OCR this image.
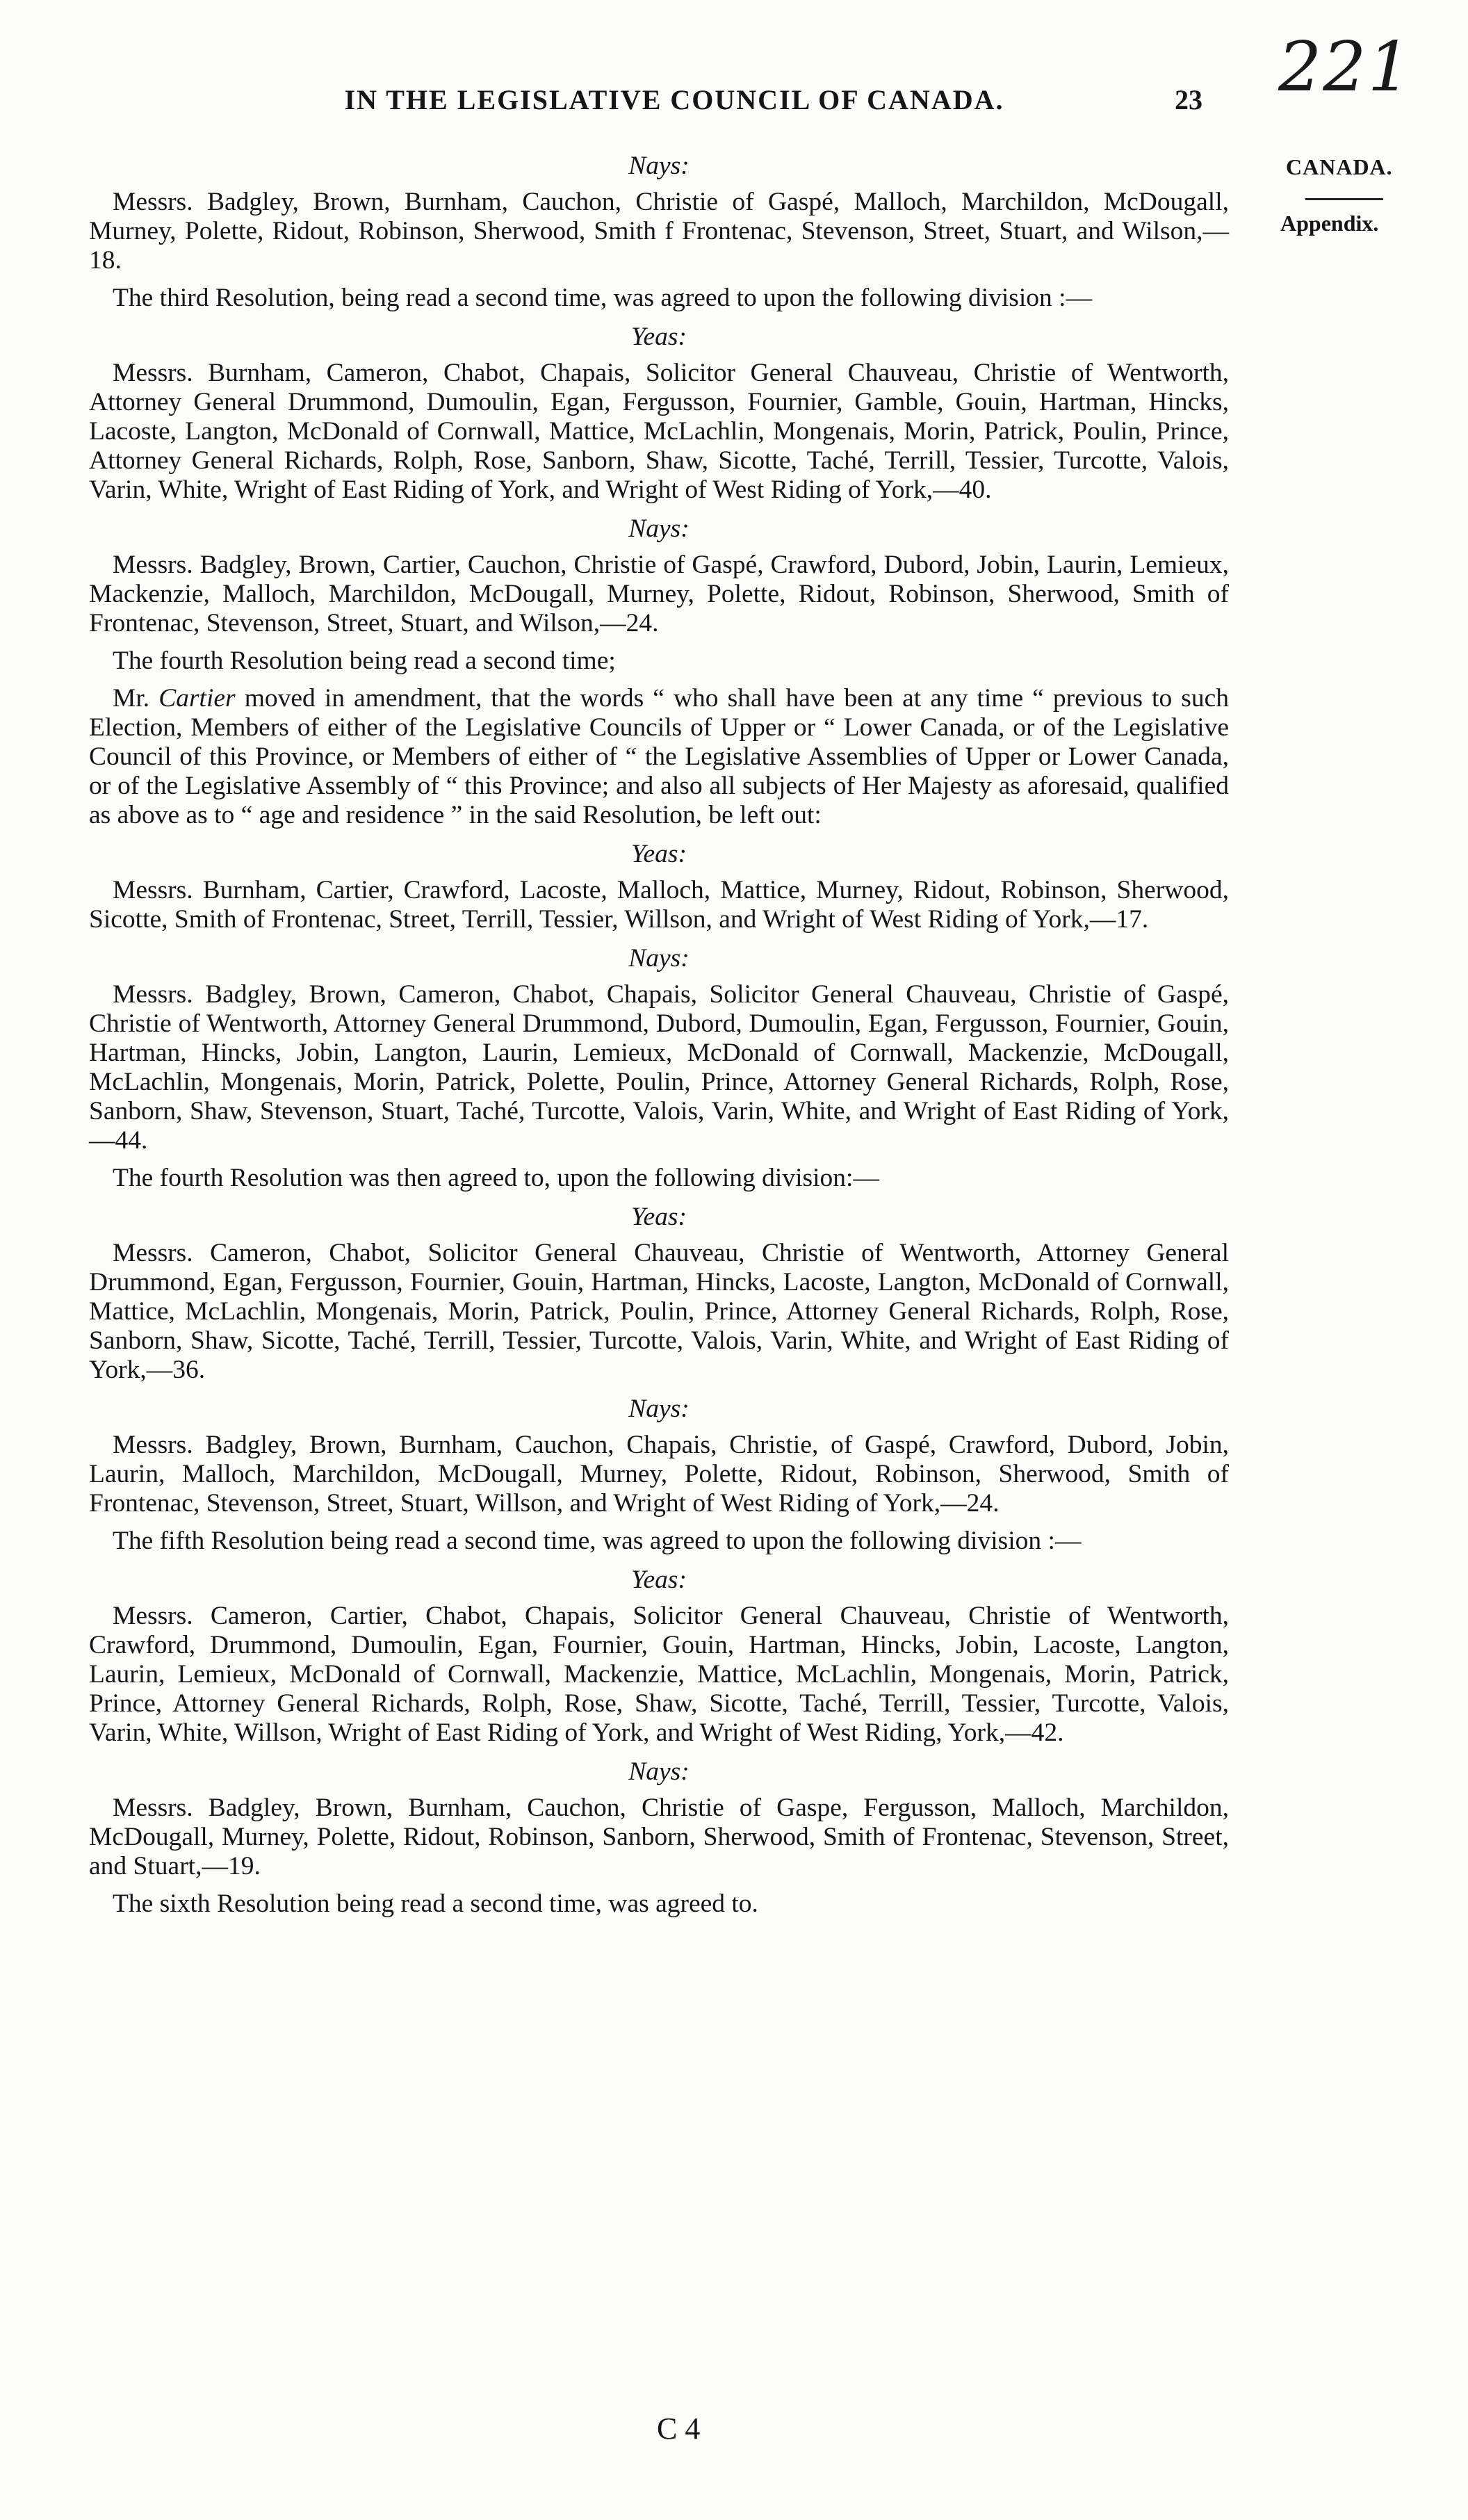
221
IN THE LEGISLATIVE COUNCIL OF CANADA.	23
CANADA.
Appendix.
Nays:
Messrs. Badgley, Brown, Burnham, Cauchon, Christie of Gaspé, Malloch, Marchildon, McDougall, Murney, Polette, Ridout, Robinson, Sherwood, Smith f Frontenac, Stevenson, Street, Stuart, and Wilson,—18.
The third Resolution, being read a second time, was agreed to upon the following division :—
Yeas:
Messrs. Burnham, Cameron, Chabot, Chapais, Solicitor General Chauveau, Christie of Wentworth, Attorney General Drummond, Dumoulin, Egan, Fergusson, Fournier, Gamble, Gouin, Hartman, Hincks, Lacoste, Langton, McDonald of Cornwall, Mattice, McLachlin, Mongenais, Morin, Patrick, Poulin, Prince, Attorney General Richards, Rolph, Rose, Sanborn, Shaw, Sicotte, Taché, Terrill, Tessier, Turcotte, Valois, Varin, White, Wright of East Riding of York, and Wright of West Riding of York,—40.
Nays:
Messrs. Badgley, Brown, Cartier, Cauchon, Christie of Gaspé, Crawford, Dubord, Jobin, Laurin, Lemieux, Mackenzie, Malloch, Marchildon, McDougall, Murney, Polette, Ridout, Robinson, Sherwood, Smith of Frontenac, Stevenson, Street, Stuart, and Wilson,—24.
The fourth Resolution being read a second time;
Mr. Cartier moved in amendment, that the words “ who shall have been at any time “ previous to such Election, Members of either of the Legislative Councils of Upper or “ Lower Canada, or of the Legislative Council of this Province, or Members of either of “ the Legislative Assemblies of Upper or Lower Canada, or of the Legislative Assembly of “ this Province; and also all subjects of Her Majesty as aforesaid, qualified as above as to “ age and residence ” in the said Resolution, be left out:
Yeas:
Messrs. Burnham, Cartier, Crawford, Lacoste, Malloch, Mattice, Murney, Ridout, Robinson, Sherwood, Sicotte, Smith of Frontenac, Street, Terrill, Tessier, Willson, and Wright of West Riding of York,—17.
Nays:
Messrs. Badgley, Brown, Cameron, Chabot, Chapais, Solicitor General Chauveau, Christie of Gaspé, Christie of Wentworth, Attorney General Drummond, Dubord, Dumoulin, Egan, Fergusson, Fournier, Gouin, Hartman, Hincks, Jobin, Langton, Laurin, Lemieux, McDonald of Cornwall, Mackenzie, McDougall, McLachlin, Mongenais, Morin, Patrick, Polette, Poulin, Prince, Attorney General Richards, Rolph, Rose, Sanborn, Shaw, Stevenson, Stuart, Taché, Turcotte, Valois, Varin, White, and Wright of East Riding of York,—44.
The fourth Resolution was then agreed to, upon the following division:—
Yeas:
Messrs. Cameron, Chabot, Solicitor General Chauveau, Christie of Wentworth, Attorney General Drummond, Egan, Fergusson, Fournier, Gouin, Hartman, Hincks, Lacoste, Langton, McDonald of Cornwall, Mattice, McLachlin, Mongenais, Morin, Patrick, Poulin, Prince, Attorney General Richards, Rolph, Rose, Sanborn, Shaw, Sicotte, Taché, Terrill, Tessier, Turcotte, Valois, Varin, White, and Wright of East Riding of York,—36.
Nays:
Messrs. Badgley, Brown, Burnham, Cauchon, Chapais, Christie, of Gaspé, Crawford, Dubord, Jobin, Laurin, Malloch, Marchildon, McDougall, Murney, Polette, Ridout, Robinson, Sherwood, Smith of Frontenac, Stevenson, Street, Stuart, Willson, and Wright of West Riding of York,—24.
The fifth Resolution being read a second time, was agreed to upon the following division :—
Yeas:
Messrs. Cameron, Cartier, Chabot, Chapais, Solicitor General Chauveau, Christie of Wentworth, Crawford, Drummond, Dumoulin, Egan, Fournier, Gouin, Hartman, Hincks, Jobin, Lacoste, Langton, Laurin, Lemieux, McDonald of Cornwall, Mackenzie, Mattice, McLachlin, Mongenais, Morin, Patrick, Prince, Attorney General Richards, Rolph, Rose, Shaw, Sicotte, Taché, Terrill, Tessier, Turcotte, Valois, Varin, White, Willson, Wright of East Riding of York, and Wright of West Riding, York,—42.
Nays:
Messrs. Badgley, Brown, Burnham, Cauchon, Christie of Gaspe, Fergusson, Malloch, Marchildon, McDougall, Murney, Polette, Ridout, Robinson, Sanborn, Sherwood, Smith of Frontenac, Stevenson, Street, and Stuart,—19.
The sixth Resolution being read a second time, was agreed to.
C 4
